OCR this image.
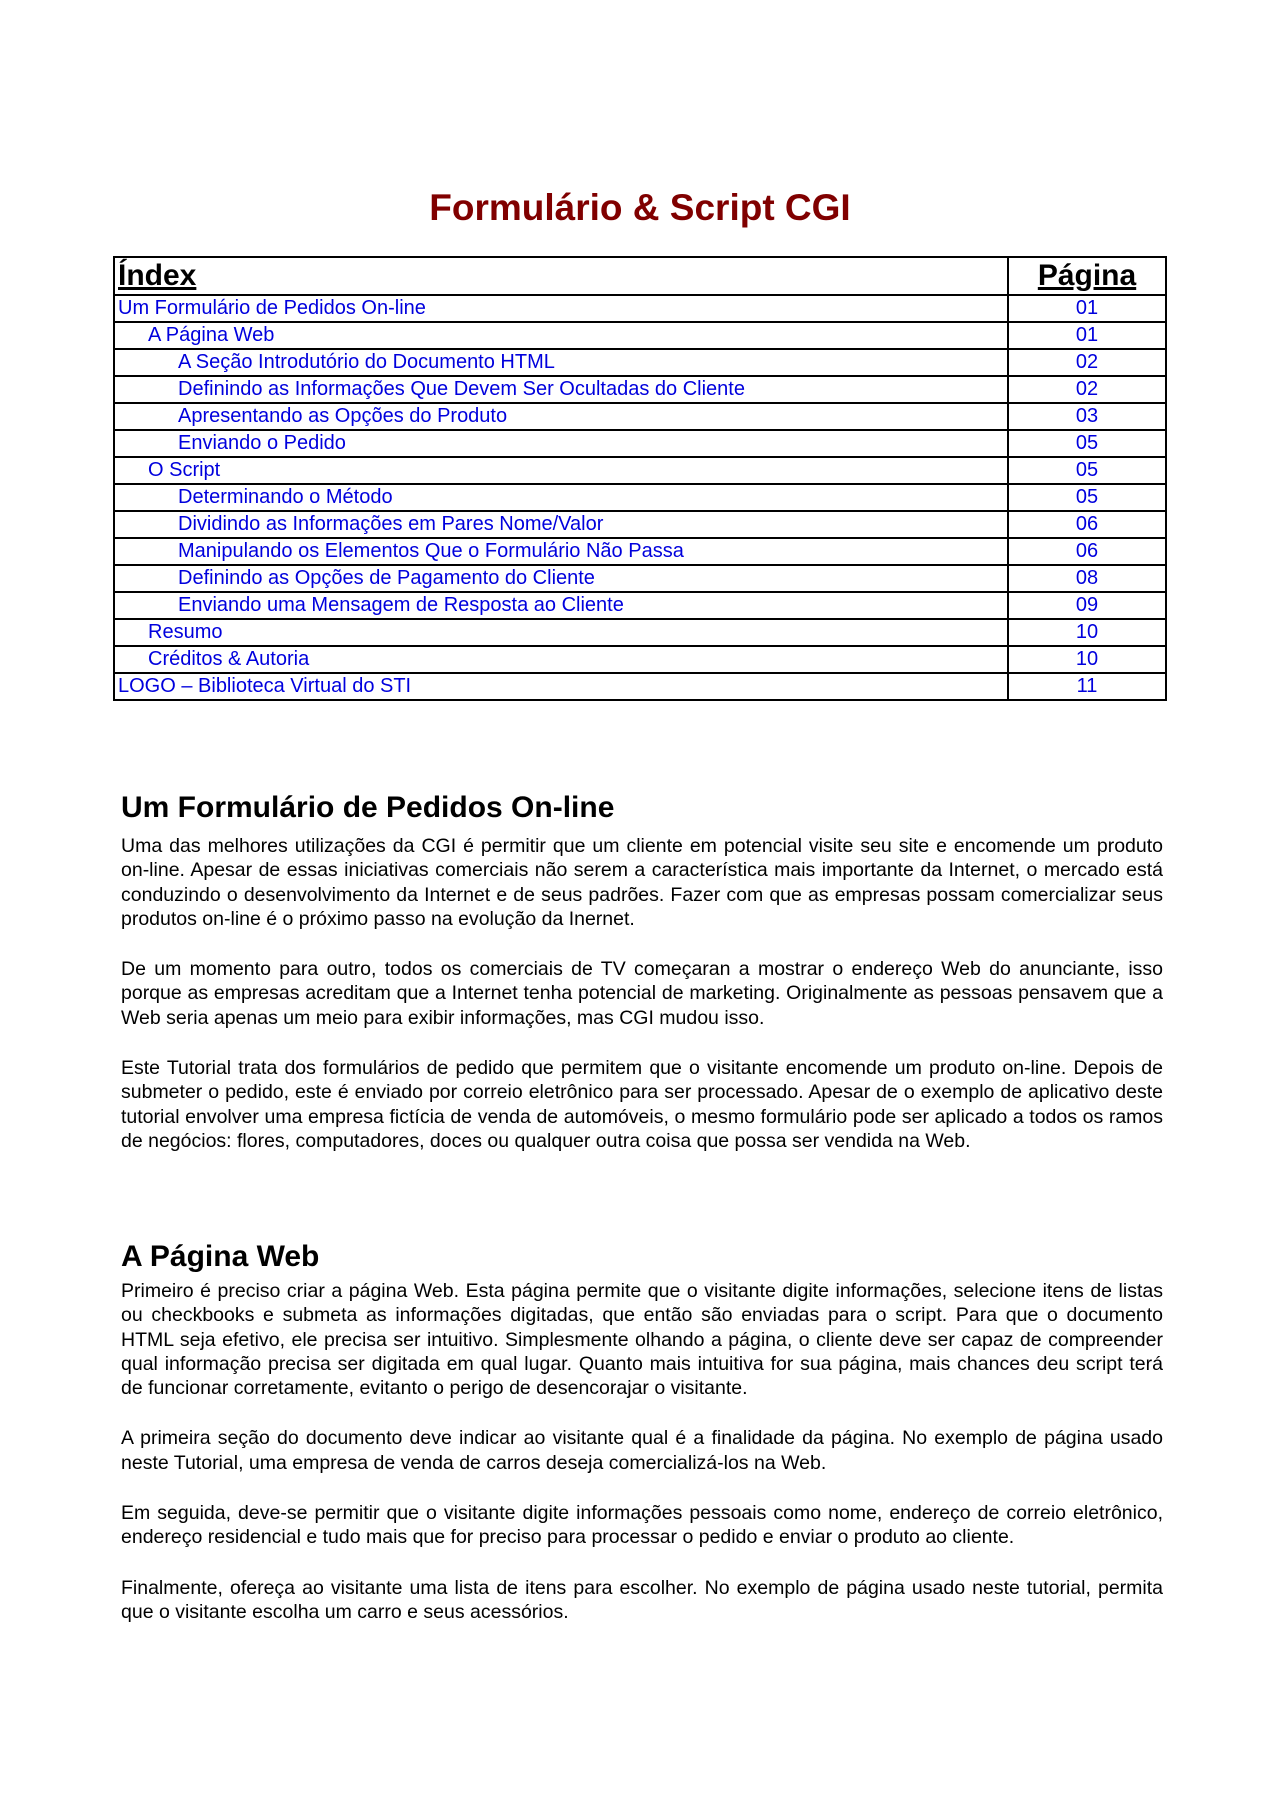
Formulário & Script CGI
Índex	Página
Um Formulário de Pedidos On-line	01
A Página Web	01
A Seção Introdutório do Documento HTML	02
Definindo as Informações Que Devem Ser Ocultadas do Cliente	02
Apresentando as Opções do Produto	03
Enviando o Pedido	05
O Script	05
Determinando o Método	05
Dividindo as Informações em Pares Nome/Valor	06
Manipulando os Elementos Que o Formulário Não Passa	06
Definindo as Opções de Pagamento do Cliente	08
Enviando uma Mensagem de Resposta ao Cliente	09
Resumo	10
Créditos & Autoria	10
LOGO – Biblioteca Virtual do STI	11
Um Formulário de Pedidos On-line

Uma das melhores utilizações da CGI é permitir que um cliente em potencial visite seu site e encomende um produto on-line. Apesar de essas iniciativas comerciais não serem a característica mais importante da Internet, o mercado está conduzindo o desenvolvimento da Internet e de seus padrões. Fazer com que as empresas possam comercializar seus produtos on-line é o próximo passo na evolução da Inernet.

De um momento para outro, todos os comerciais de TV começaran a mostrar o endereço Web do anunciante, isso porque as empresas acreditam que a Internet tenha potencial de marketing. Originalmente as pessoas pensavem que a Web seria apenas um meio para exibir informações, mas CGI mudou isso.

Este Tutorial trata dos formulários de pedido que permitem que o visitante encomende um produto on-line. Depois de submeter o pedido, este é enviado por correio eletrônico para ser processado. Apesar de o exemplo de aplicativo deste tutorial envolver uma empresa fictícia de venda de automóveis, o mesmo formulário pode ser aplicado a todos os ramos de negócios: flores, computadores, doces ou qualquer outra coisa que possa ser vendida na Web.

A Página Web

Primeiro é preciso criar a página Web. Esta página permite que o visitante digite informações, selecione itens de listas ou checkbooks e submeta as informações digitadas, que então são enviadas para o script. Para que o documento HTML seja efetivo, ele precisa ser intuitivo. Simplesmente olhando a página, o cliente deve ser capaz de compreender qual informação precisa ser digitada em qual lugar. Quanto mais intuitiva for sua página, mais chances deu script terá de funcionar corretamente, evitanto o perigo de desencorajar o visitante.

A primeira seção do documento deve indicar ao visitante qual é a finalidade da página. No exemplo de página usado neste Tutorial, uma empresa de venda de carros deseja comercializá-los na Web.

Em seguida, deve-se permitir que o visitante digite informações pessoais como nome, endereço de correio eletrônico, endereço residencial e tudo mais que for preciso para processar o pedido e enviar o produto ao cliente.

Finalmente, ofereça ao visitante uma lista de itens para escolher. No exemplo de página usado neste tutorial, permita que o visitante escolha um carro e seus acessórios.
